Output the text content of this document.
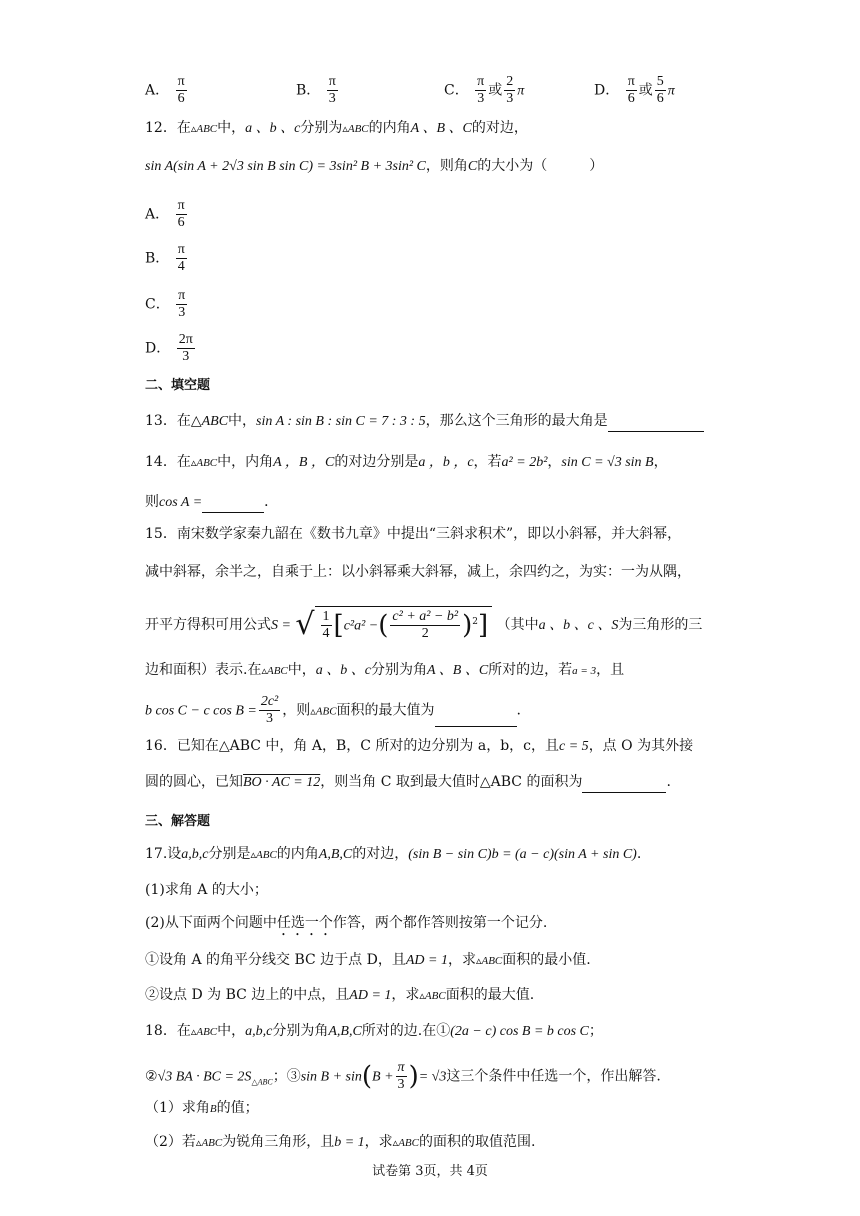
A． $\frac{\pi}{6}$	B． $\frac{\pi}{3}$	C． $\frac{\pi}{3}$ 或 $\frac{2}{3}$ π	D． $\frac{\pi}{6}$ 或 $\frac{5}{6}$ π
12．在▵ABC中，a 、b 、c分别为▵ABC的内角A 、B 、C的对边，
sin A(sin A + 2√3 sin B sin C) = 3sin² B + 3sin² C，则角C的大小为（　　　）
A． $\frac{\pi}{6}$
B． $\frac{\pi}{4}$
C． $\frac{\pi}{3}$
D． $\frac{2\pi}{3}$
二、填空题
13．在△ABC中，sin A : sin B : sin C = 7 : 3 : 5，那么这个三角形的最大角是
14．在▵ABC中，内角A ，B ，C的对边分别是a ，b ，c，若a² = 2b²，sin C = √3 sin B，
则cos A =	．
15．南宋数学家秦九韶在《数书九章》中提出“三斜求积术”，即以小斜幂，并大斜幂，
减中斜幂，余半之，自乘于上：以小斜幂乘大斜幂，减上，余四约之，为实：一为从隅，
开平方得积可用公式S = √ $\frac{1}{4} [c^2a^2$ −( $\frac{\text{c² + a² − b²}}{2} )^2$] （其中a 、b 、c 、S为三角形的三
边和面积）表示.在▵ABC中，a 、b 、c分别为角A 、B 、C所对的边，若a = 3，且
b cos C − c $\cos B = \frac{\text{2c²}}{3}$ ，则▵ABC面积的最大值为	.
16．已知在△ABC 中，角 A，B，C 所对的边分别为 a，b，c，且c = 5，点 O 为其外接
圆的圆心，已知BO · AC = 12，则当角 C 取到最大值时△ABC 的面积为	.
三、解答题
17.设a,b,c分别是▵ABC的内角A,B,C的对边，(sin B − sin C)b = (a − c)(sin A + sin C).
(1)求角 A 的大小；
(2)从下面两个问题中任选一个作答，两个都作答则按第一个记分.
①设角 A 的角平分线交 BC 边于点 D，且AD = 1，求▵ABC面积的最小值.
②设点 D 为 BC 边上的中点，且AD = 1，求▵ABC面积的最大值.
18．在▵ABC中，a,b,c分别为角A,B,C所对的边.在①(2a − c) cos B = b cos C；
②√3 BA · BC = $2S_{\triangle ABC}$；③sin $B + \sin(B + \frac{\pi}{3}$ )= √3这三个条件中任选一个，作出解答.
（1）求角B的值；
（2）若▵ABC为锐角三角形，且b = 1，求▵ABC的面积的取值范围.
试卷第 3页，共 4页
